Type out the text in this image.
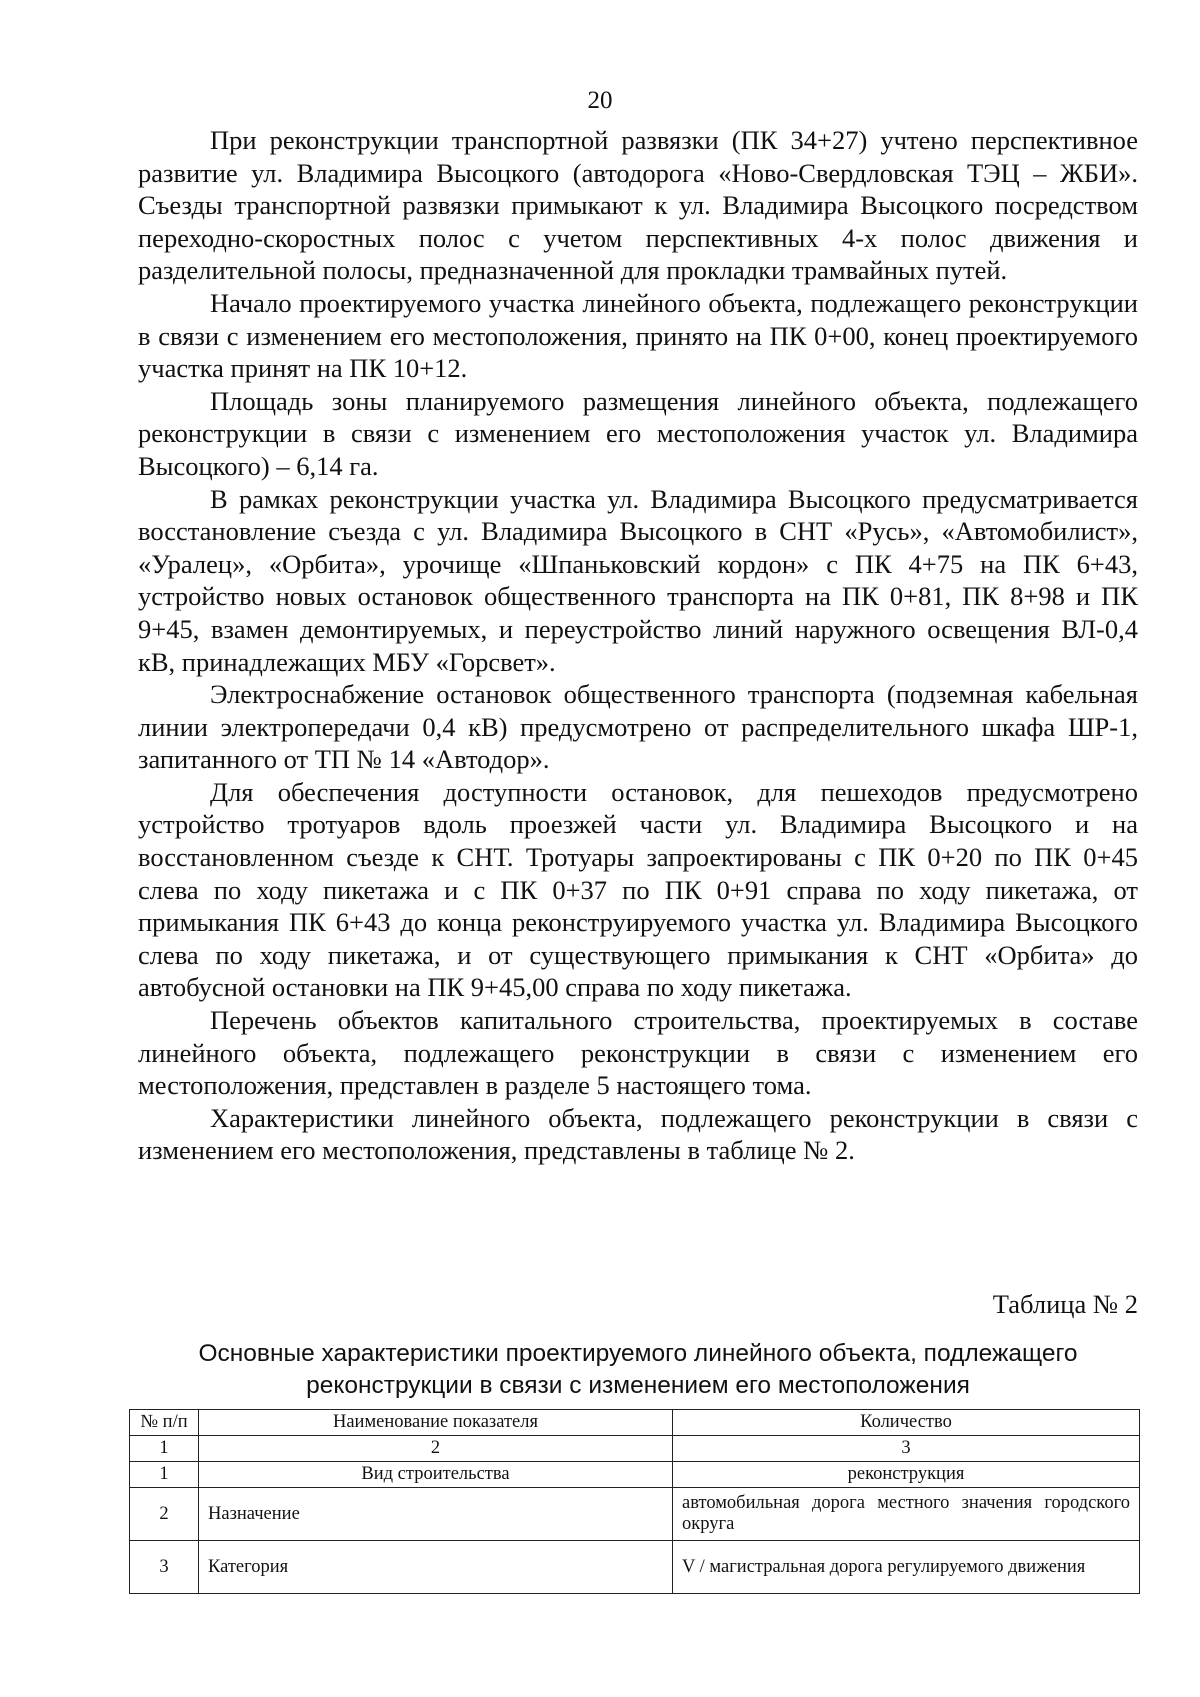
20

При реконструкции транспортной развязки (ПК 34+27) учтено перспективное развитие ул. Владимира Высоцкого (автодорога «Ново-Свердловская ТЭЦ – ЖБИ». Съезды транспортной развязки примыкают к ул. Владимира Высоцкого посредством переходно-скоростных полос с учетом перспективных 4-х полос движения и разделительной полосы, предназначенной для прокладки трамвайных путей.

Начало проектируемого участка линейного объекта, подлежащего реконструкции в связи с изменением его местоположения, принято на ПК 0+00, конец проектируемого участка принят на ПК 10+12.

Площадь зоны планируемого размещения линейного объекта, подлежащего реконструкции в связи с изменением его местоположения участок ул. Владимира Высоцкого) – 6,14 га.

В рамках реконструкции участка ул. Владимира Высоцкого предусматривается восстановление съезда с ул. Владимира Высоцкого в СНТ «Русь», «Автомобилист», «Уралец», «Орбита», урочище «Шпаньковский кордон» с ПК 4+75 на ПК 6+43, устройство новых остановок общественного транспорта на ПК 0+81, ПК 8+98 и ПК 9+45, взамен демонтируемых, и переустройство линий наружного освещения ВЛ-0,4 кВ, принадлежащих МБУ «Горсвет».

Электроснабжение остановок общественного транспорта (подземная кабельная линии электропередачи 0,4 кВ) предусмотрено от распределительного шкафа ШР-1, запитанного от ТП № 14 «Автодор».

Для обеспечения доступности остановок, для пешеходов предусмотрено устройство тротуаров вдоль проезжей части ул. Владимира Высоцкого и на восстановленном съезде к СНТ. Тротуары запроектированы с ПК 0+20 по ПК 0+45 слева по ходу пикетажа и с ПК 0+37 по ПК 0+91 справа по ходу пикетажа, от примыкания ПК 6+43 до конца реконструируемого участка ул. Владимира Высоцкого слева по ходу пикетажа, и от существующего примыкания к СНТ «Орбита» до автобусной остановки на ПК 9+45,00 справа по ходу пикетажа.

Перечень объектов капитального строительства, проектируемых в составе линейного объекта, подлежащего реконструкции в связи с изменением его местоположения, представлен в разделе 5 настоящего тома.

Характеристики линейного объекта, подлежащего реконструкции в связи с изменением его местоположения, представлены в таблице № 2.

Таблица № 2
Основные характеристики проектируемого линейного объекта, подлежащего
реконструкции в связи с изменением его местоположения
№ п/п	Наименование показателя	Количество
1	2	3
1	Вид строительства	реконструкция
2	Назначение	автомобильная дорога местного значения городского округа
3	Категория	V / магистральная дорога регулируемого движения
